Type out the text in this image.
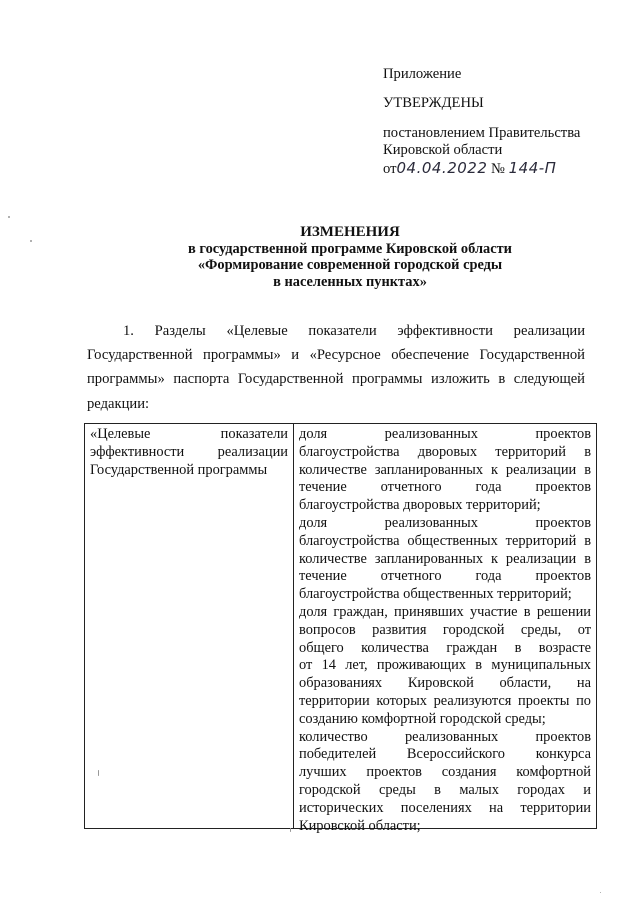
Приложение
УТВЕРЖДЕНЫ
постановлением Правительства
Кировской области
от04.04.2022 № 144-П
ИЗМЕНЕНИЯ
в государственной программе Кировской области
«Формирование современной городской среды
в населенных пунктах»
1. Разделы «Целевые показатели эффективности реализации
Государственной программы» и «Ресурсное обеспечение Государственной
программы» паспорта Государственной программы изложить в следующей
редакции:
«Целевые показатели
эффективности реализации
Государственной программы
доля реализованных проектов
благоустройства дворовых территорий в
количестве запланированных к реализации в
течение отчетного года проектов
благоустройства дворовых территорий;
доля реализованных проектов
благоустройства общественных территорий в
количестве запланированных к реализации в
течение отчетного года проектов
благоустройства общественных территорий;
доля граждан, принявших участие в решении
вопросов развития городской среды, от
общего количества граждан в возрасте
от 14 лет, проживающих в муниципальных
образованиях Кировской области, на
территории которых реализуются проекты по
созданию комфортной городской среды;
количество реализованных проектов
победителей Всероссийского конкурса
лучших проектов создания комфортной
городской среды в малых городах и
исторических поселениях на территории
Кировской области;
